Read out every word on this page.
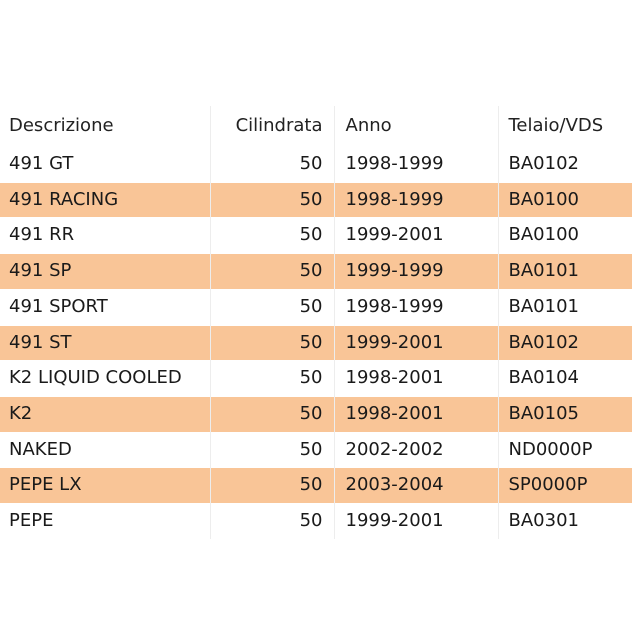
Descrizione	Cilindrata	Anno	Telaio/VDS
491 GT	50	1998-1999	BA0102
491 RACING	50	1998-1999	BA0100
491 RR	50	1999-2001	BA0100
491 SP	50	1999-1999	BA0101
491 SPORT	50	1998-1999	BA0101
491 ST	50	1999-2001	BA0102
K2 LIQUID COOLED	50	1998-2001	BA0104
K2	50	1998-2001	BA0105
NAKED	50	2002-2002	ND0000P
PEPE LX	50	2003-2004	SP0000P
PEPE	50	1999-2001	BA0301
